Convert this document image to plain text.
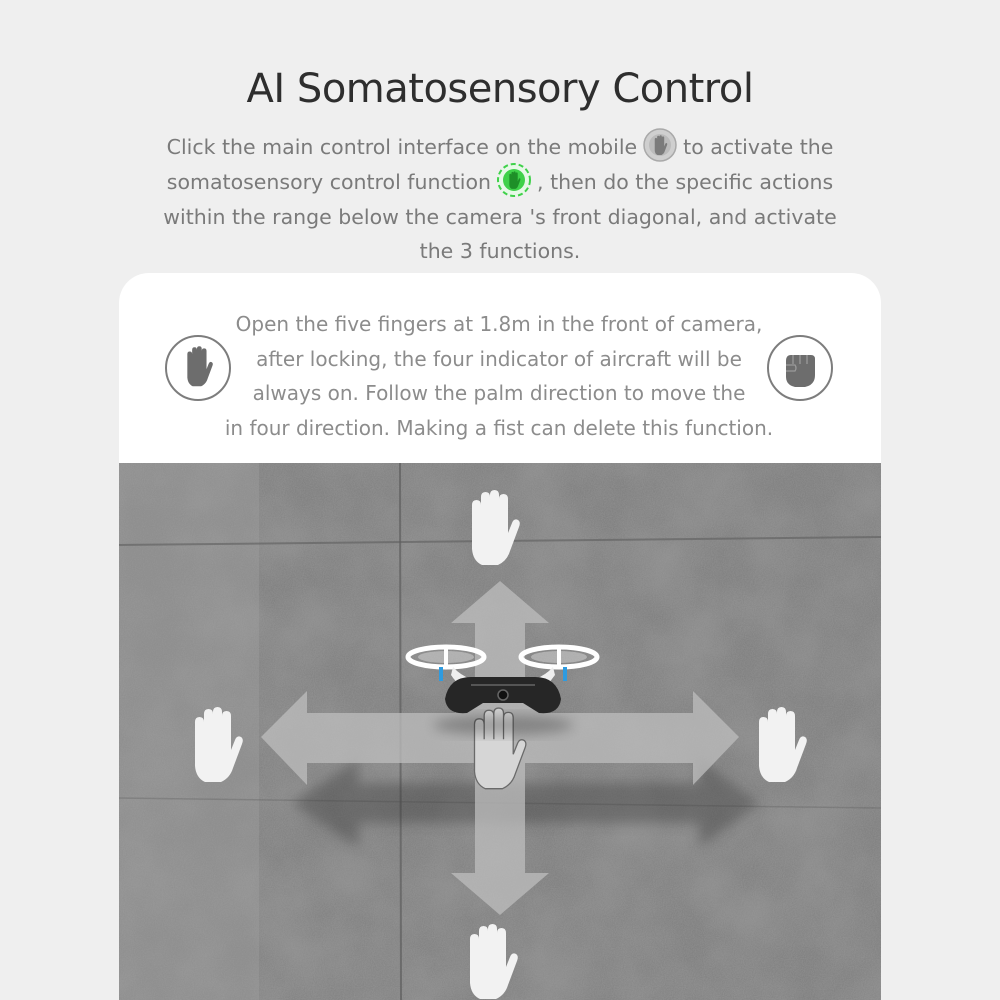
AI Somatosensory Control
Click the main control interface on the mobile to activate the
somatosensory control function , then do the specific actions
within the range below the camera 's front diagonal, and activate
the 3 functions.
Open the five fingers at 1.8m in the front of camera,
after locking, the four indicator of aircraft will be
always on. Follow the palm direction to move the
in four direction. Making a fist can delete this function.
